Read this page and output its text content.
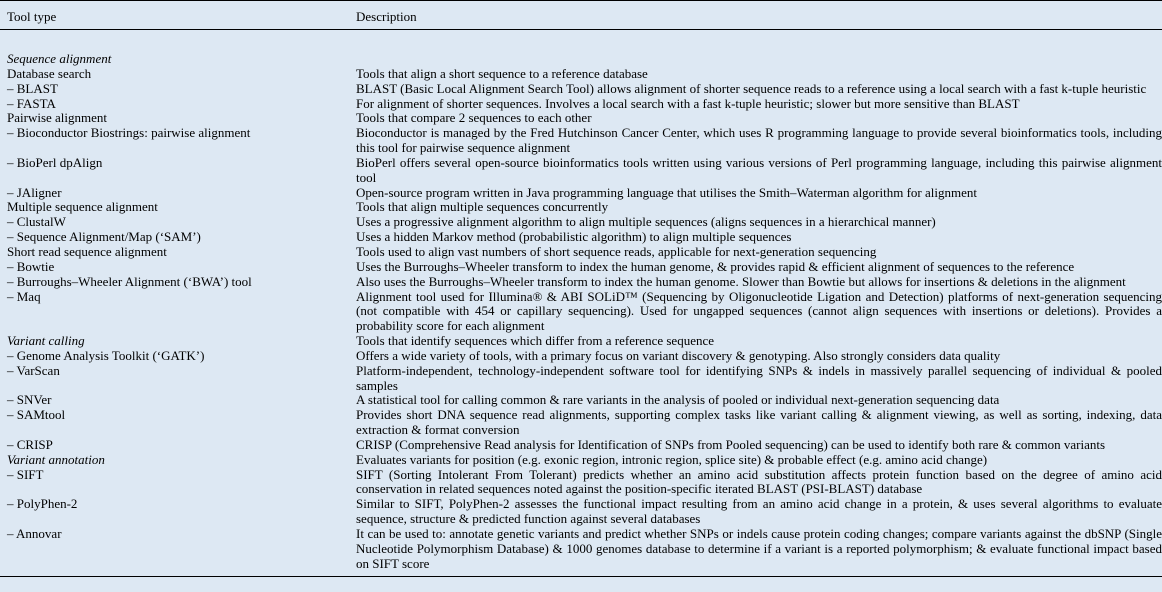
Tool type	Description

Sequence alignment	
Database search	Tools that align a short sequence to a reference database
– BLAST	BLAST (Basic Local Alignment Search Tool) allows alignment of shorter sequence reads to a reference using a local search with a fast k-tuple heuristic
– FASTA	For alignment of shorter sequences. Involves a local search with a fast k-tuple heuristic; slower but more sensitive than BLAST
Pairwise alignment	Tools that compare 2 sequences to each other
– Bioconductor Biostrings: pairwise alignment	Bioconductor is managed by the Fred Hutchinson Cancer Center, which uses R programming language to provide several bioinformatics tools, including this tool for pairwise sequence alignment
– BioPerl dpAlign	BioPerl offers several open-source bioinformatics tools written using various versions of Perl programming language, including this pairwise alignment tool
– JAligner	Open-source program written in Java programming language that utilises the Smith–Waterman algorithm for alignment
Multiple sequence alignment	Tools that align multiple sequences concurrently
– ClustalW	Uses a progressive alignment algorithm to align multiple sequences (aligns sequences in a hierarchical manner)
– Sequence Alignment/Map (‘SAM’)	Uses a hidden Markov method (probabilistic algorithm) to align multiple sequences
Short read sequence alignment	Tools used to align vast numbers of short sequence reads, applicable for next-generation sequencing
– Bowtie	Uses the Burroughs–Wheeler transform to index the human genome, & provides rapid & efficient alignment of sequences to the reference
– Burroughs–Wheeler Alignment (‘BWA’) tool	Also uses the Burroughs–Wheeler transform to index the human genome. Slower than Bowtie but allows for insertions & deletions in the alignment
– Maq	Alignment tool used for Illumina® & ABI SOLiD™ (Sequencing by Oligonucleotide Ligation and Detection) platforms of next-generation sequencing (not compatible with 454 or capillary sequencing). Used for ungapped sequences (cannot align sequences with insertions or deletions). Provides a probability score for each alignment
Variant calling	Tools that identify sequences which differ from a reference sequence
– Genome Analysis Toolkit (‘GATK’)	Offers a wide variety of tools, with a primary focus on variant discovery & genotyping. Also strongly considers data quality
– VarScan	Platform-independent, technology-independent software tool for identifying SNPs & indels in massively parallel sequencing of individual & pooled samples
– SNVer	A statistical tool for calling common & rare variants in the analysis of pooled or individual next-generation sequencing data
– SAMtool	Provides short DNA sequence read alignments, supporting complex tasks like variant calling & alignment viewing, as well as sorting, indexing, data extraction & format conversion
– CRISP	CRISP (Comprehensive Read analysis for Identification of SNPs from Pooled sequencing) can be used to identify both rare & common variants
Variant annotation	Evaluates variants for position (e.g. exonic region, intronic region, splice site) & probable effect (e.g. amino acid change)
– SIFT	SIFT (Sorting Intolerant From Tolerant) predicts whether an amino acid substitution affects protein function based on the degree of amino acid conservation in related sequences noted against the position-specific iterated BLAST (PSI-BLAST) database
– PolyPhen-2	Similar to SIFT, PolyPhen-2 assesses the functional impact resulting from an amino acid change in a protein, & uses several algorithms to evaluate sequence, structure & predicted function against several databases
– Annovar	It can be used to: annotate genetic variants and predict whether SNPs or indels cause protein coding changes; compare variants against the dbSNP (Single Nucleotide Polymorphism Database) & 1000 genomes database to determine if a variant is a reported polymorphism; & evaluate functional impact based on SIFT score
